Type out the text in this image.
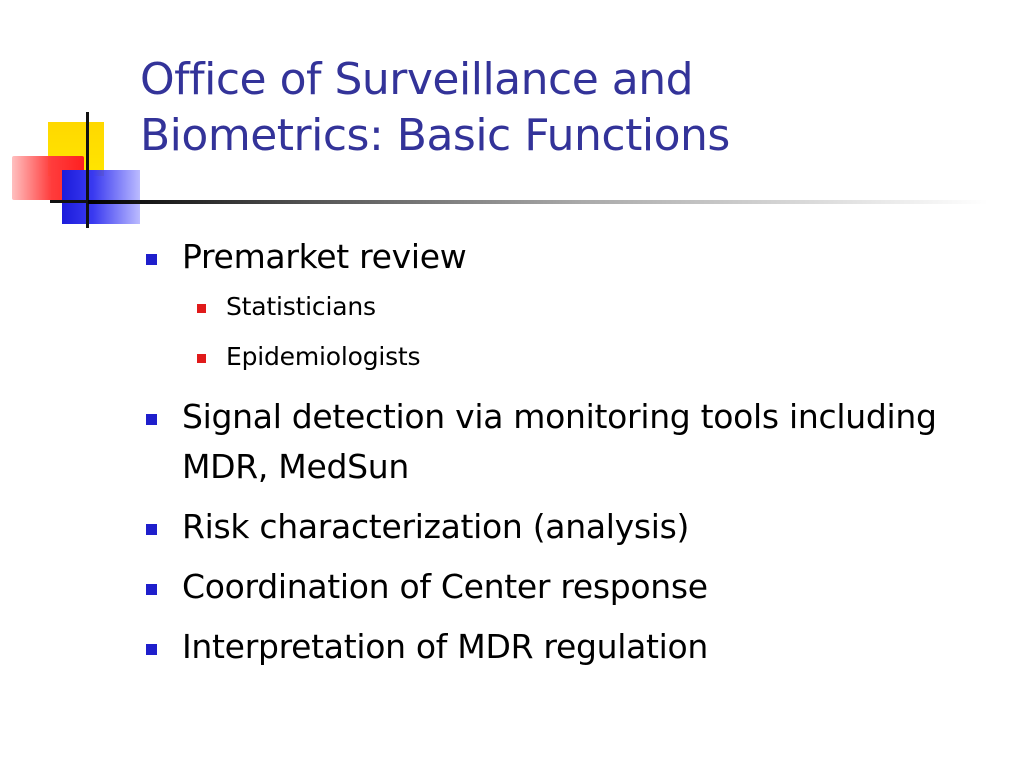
Office of Surveillance and
Biometrics: Basic Functions
Premarket review
Statisticians
Epidemiologists
Signal detection via monitoring tools including MDR, MedSun
Risk characterization (analysis)
Coordination of Center response
Interpretation of MDR regulation
